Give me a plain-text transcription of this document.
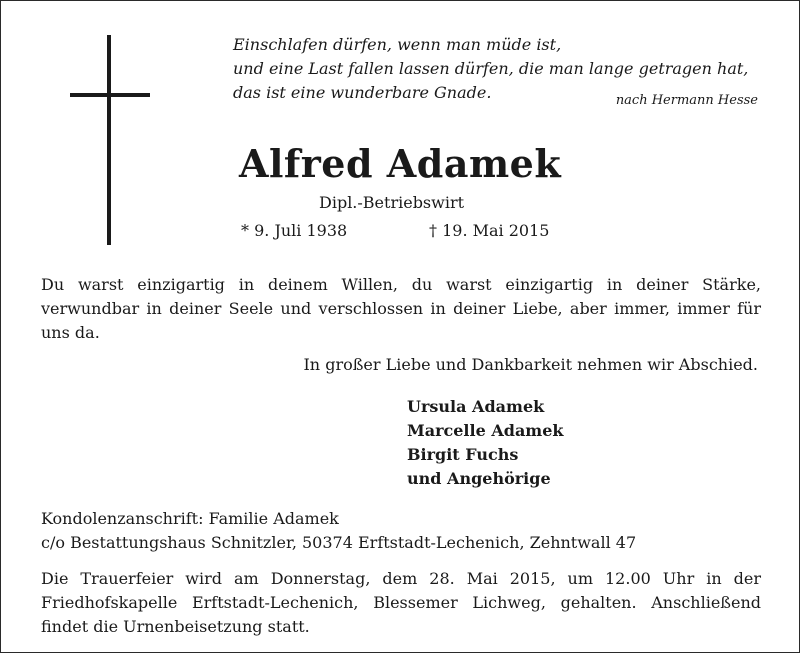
Einschlafen dürfen, wenn man müde ist,
und eine Last fallen lassen dürfen, die man lange getragen hat,
das ist eine wunderbare Gnade.	nach Hermann Hesse
Alfred Adamek
Dipl.-Betriebswirt
* 9. Juli 1938	† 19. Mai 2015
Du warst einzigartig in deinem Willen, du warst einzigartig in deiner Stärke, verwundbar in deiner Seele und verschlossen in deiner Liebe, aber immer, immer für uns da.
In großer Liebe und Dankbarkeit nehmen wir Abschied.
Ursula Adamek
Marcelle Adamek
Birgit Fuchs
und Angehörige
Kondolenzanschrift: Familie Adamek
c/o Bestattungshaus Schnitzler, 50374 Erftstadt-Lechenich, Zehntwall 47
Die Trauerfeier wird am Donnerstag, dem 28. Mai 2015, um 12.00 Uhr in der Friedhofskapelle Erftstadt-Lechenich, Blessemer Lichweg, gehalten. Anschließend findet die Urnenbeisetzung statt.
